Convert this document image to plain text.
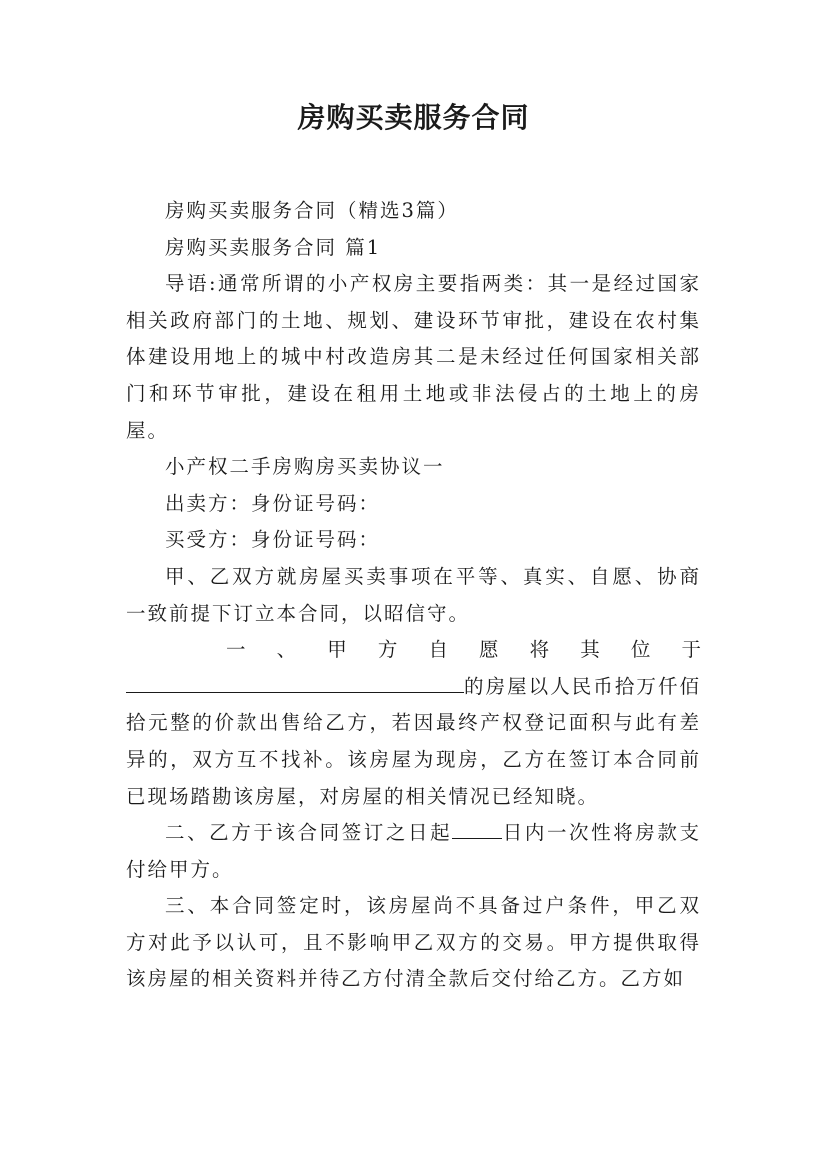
房购买卖服务合同

房购买卖服务合同（精选3篇）

房购买卖服务合同 篇1

导语:通常所谓的小产权房主要指两类：其一是经过国家相关政府部门的土地、规划、建设环节审批，建设在农村集体建设用地上的城中村改造房其二是未经过任何国家相关部门和环节审批，建设在租用土地或非法侵占的土地上的房屋。

小产权二手房购房买卖协议一

出卖方：身份证号码：

买受方：身份证号码：

甲、乙双方就房屋买卖事项在平等、真实、自愿、协商一致前提下订立本合同，以昭信守。

一 、 甲 方 自 愿 将 其 位 于

的房屋以人民币拾万仟佰拾元整的价款出售给乙方，若因最终产权登记面积与此有差异的，双方互不找补。该房屋为现房，乙方在签订本合同前已现场踏勘该房屋，对房屋的相关情况已经知晓。

二、乙方于该合同签订之日起	日内一次性将房款支付给甲方。

三、本合同签定时，该房屋尚不具备过户条件，甲乙双方对此予以认可，且不影响甲乙双方的交易。甲方提供取得该房屋的相关资料并待乙方付清全款后交付给乙方。乙方如
